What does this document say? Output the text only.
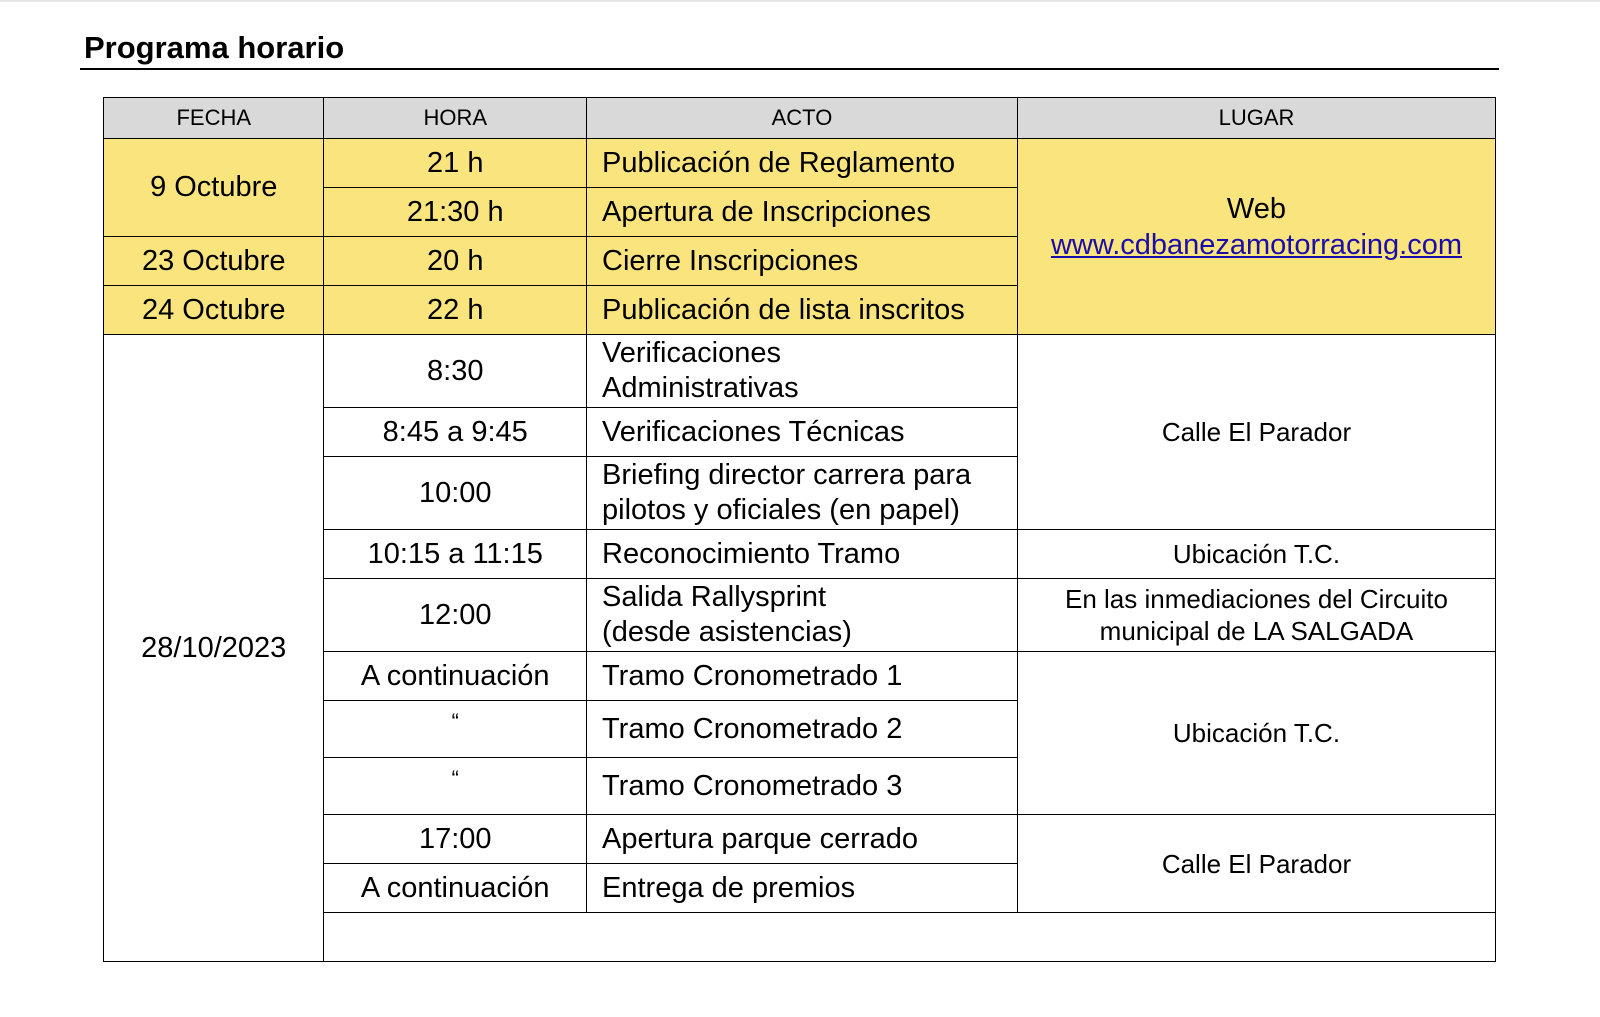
Programa horario
FECHA	HORA	ACTO	LUGAR
9 Octubre	21 h	Publicación de Reglamento	Web
www.cdbanezamotorracing.com

	21:30 h	Apertura de Inscripciones	
23 Octubre	20 h	Cierre Inscripciones	
24 Octubre	22 h	Publicación de lista inscritos	
28/10/2023	8:30	Verificaciones
Administrativas	Calle El Parador
	8:45 a 9:45	Verificaciones Técnicas	
	10:00	Briefing director carrera para
pilotos y oficiales (en papel)	
	10:15 a 11:15	Reconocimiento Tramo	Ubicación T.C.
	12:00	Salida Rallysprint
(desde asistencias)	En las inmediaciones del Circuito
municipal de LA SALGADA
	A continuación	Tramo Cronometrado 1	Ubicación T.C.
	“	Tramo Cronometrado 2	
	“	Tramo Cronometrado 3	
	17:00	Apertura parque cerrado	Calle El Parador
	A continuación	Entrega de premios	
